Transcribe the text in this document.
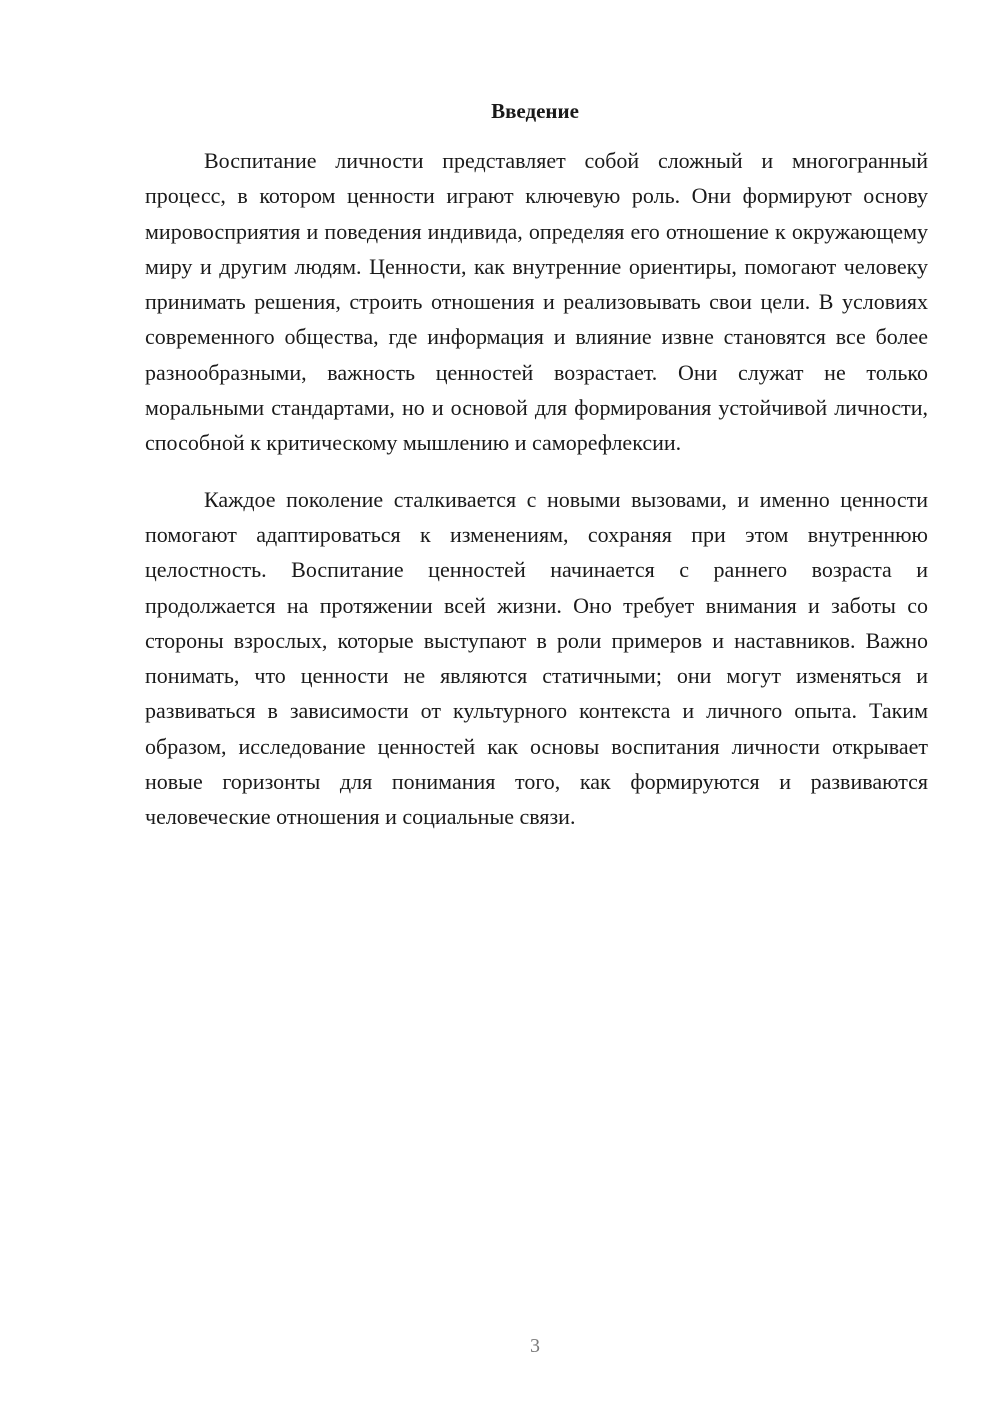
Введение

Воспитание личности представляет собой сложный и многогранный процесс, в котором ценности играют ключевую роль. Они формируют основу мировосприятия и поведения индивида, определяя его отношение к окружающему миру и другим людям. Ценности, как внутренние ориентиры, помогают человеку принимать решения, строить отношения и реализовывать свои цели. В условиях современного общества, где информация и влияние извне становятся все более разнообразными, важность ценностей возрастает. Они служат не только моральными стандартами, но и основой для формирования устойчивой личности, способной к критическому мышлению и саморефлексии.

Каждое поколение сталкивается с новыми вызовами, и именно ценности помогают адаптироваться к изменениям, сохраняя при этом внутреннюю целостность. Воспитание ценностей начинается с раннего возраста и продолжается на протяжении всей жизни. Оно требует внимания и заботы со стороны взрослых, которые выступают в роли примеров и наставников. Важно понимать, что ценности не являются статичными; они могут изменяться и развиваться в зависимости от культурного контекста и личного опыта. Таким образом, исследование ценностей как основы воспитания личности открывает новые горизонты для понимания того, как формируются и развиваются человеческие отношения и социальные связи.

3
